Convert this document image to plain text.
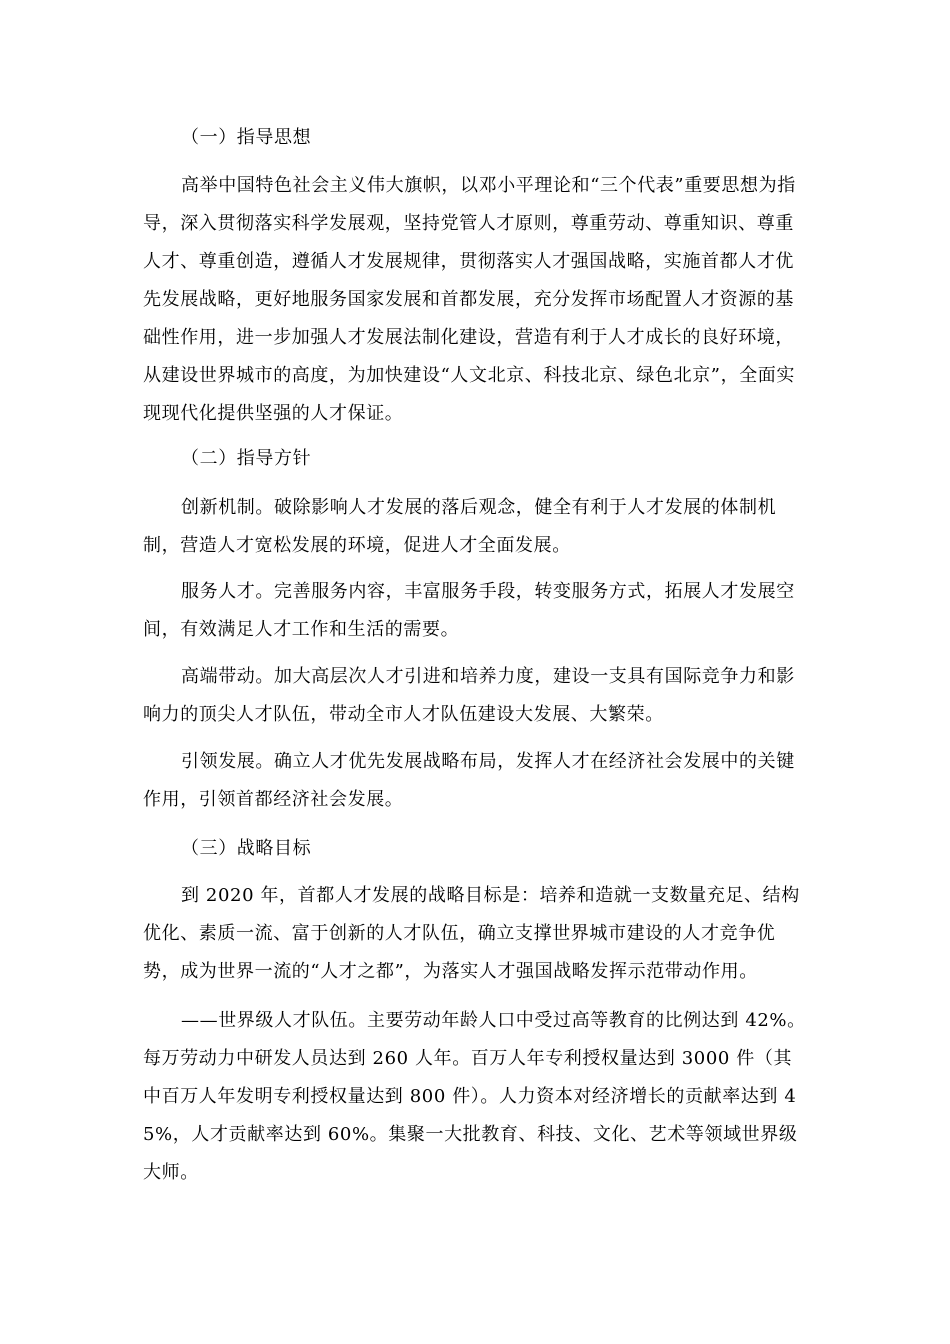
（一）指导思想

高举中国特色社会主义伟大旗帜，以邓小平理论和“三个代表”重要思想为指导，深入贯彻落实科学发展观，坚持党管人才原则，尊重劳动、尊重知识、尊重人才、尊重创造，遵循人才发展规律，贯彻落实人才强国战略，实施首都人才优先发展战略，更好地服务国家发展和首都发展，充分发挥市场配置人才资源的基础性作用，进一步加强人才发展法制化建设，营造有利于人才成长的良好环境，从建设世界城市的高度，为加快建设“人文北京、科技北京、绿色北京”，全面实现现代化提供坚强的人才保证。

（二）指导方针

创新机制。破除影响人才发展的落后观念，健全有利于人才发展的体制机制，营造人才宽松发展的环境，促进人才全面发展。

服务人才。完善服务内容，丰富服务手段，转变服务方式，拓展人才发展空间，有效满足人才工作和生活的需要。

高端带动。加大高层次人才引进和培养力度，建设一支具有国际竞争力和影响力的顶尖人才队伍，带动全市人才队伍建设大发展、大繁荣。

引领发展。确立人才优先发展战略布局，发挥人才在经济社会发展中的关键作用，引领首都经济社会发展。

（三）战略目标

到 2020 年，首都人才发展的战略目标是：培养和造就一支数量充足、结构优化、素质一流、富于创新的人才队伍，确立支撑世界城市建设的人才竞争优势，成为世界一流的“人才之都”，为落实人才强国战略发挥示范带动作用。

——世界级人才队伍。主要劳动年龄人口中受过高等教育的比例达到 42%。每万劳动力中研发人员达到 260 人年。百万人年专利授权量达到 3000 件（其中百万人年发明专利授权量达到 800 件）。人力资本对经济增长的贡献率达到 45%，人才贡献率达到 60%。集聚一大批教育、科技、文化、艺术等领域世界级大师。
